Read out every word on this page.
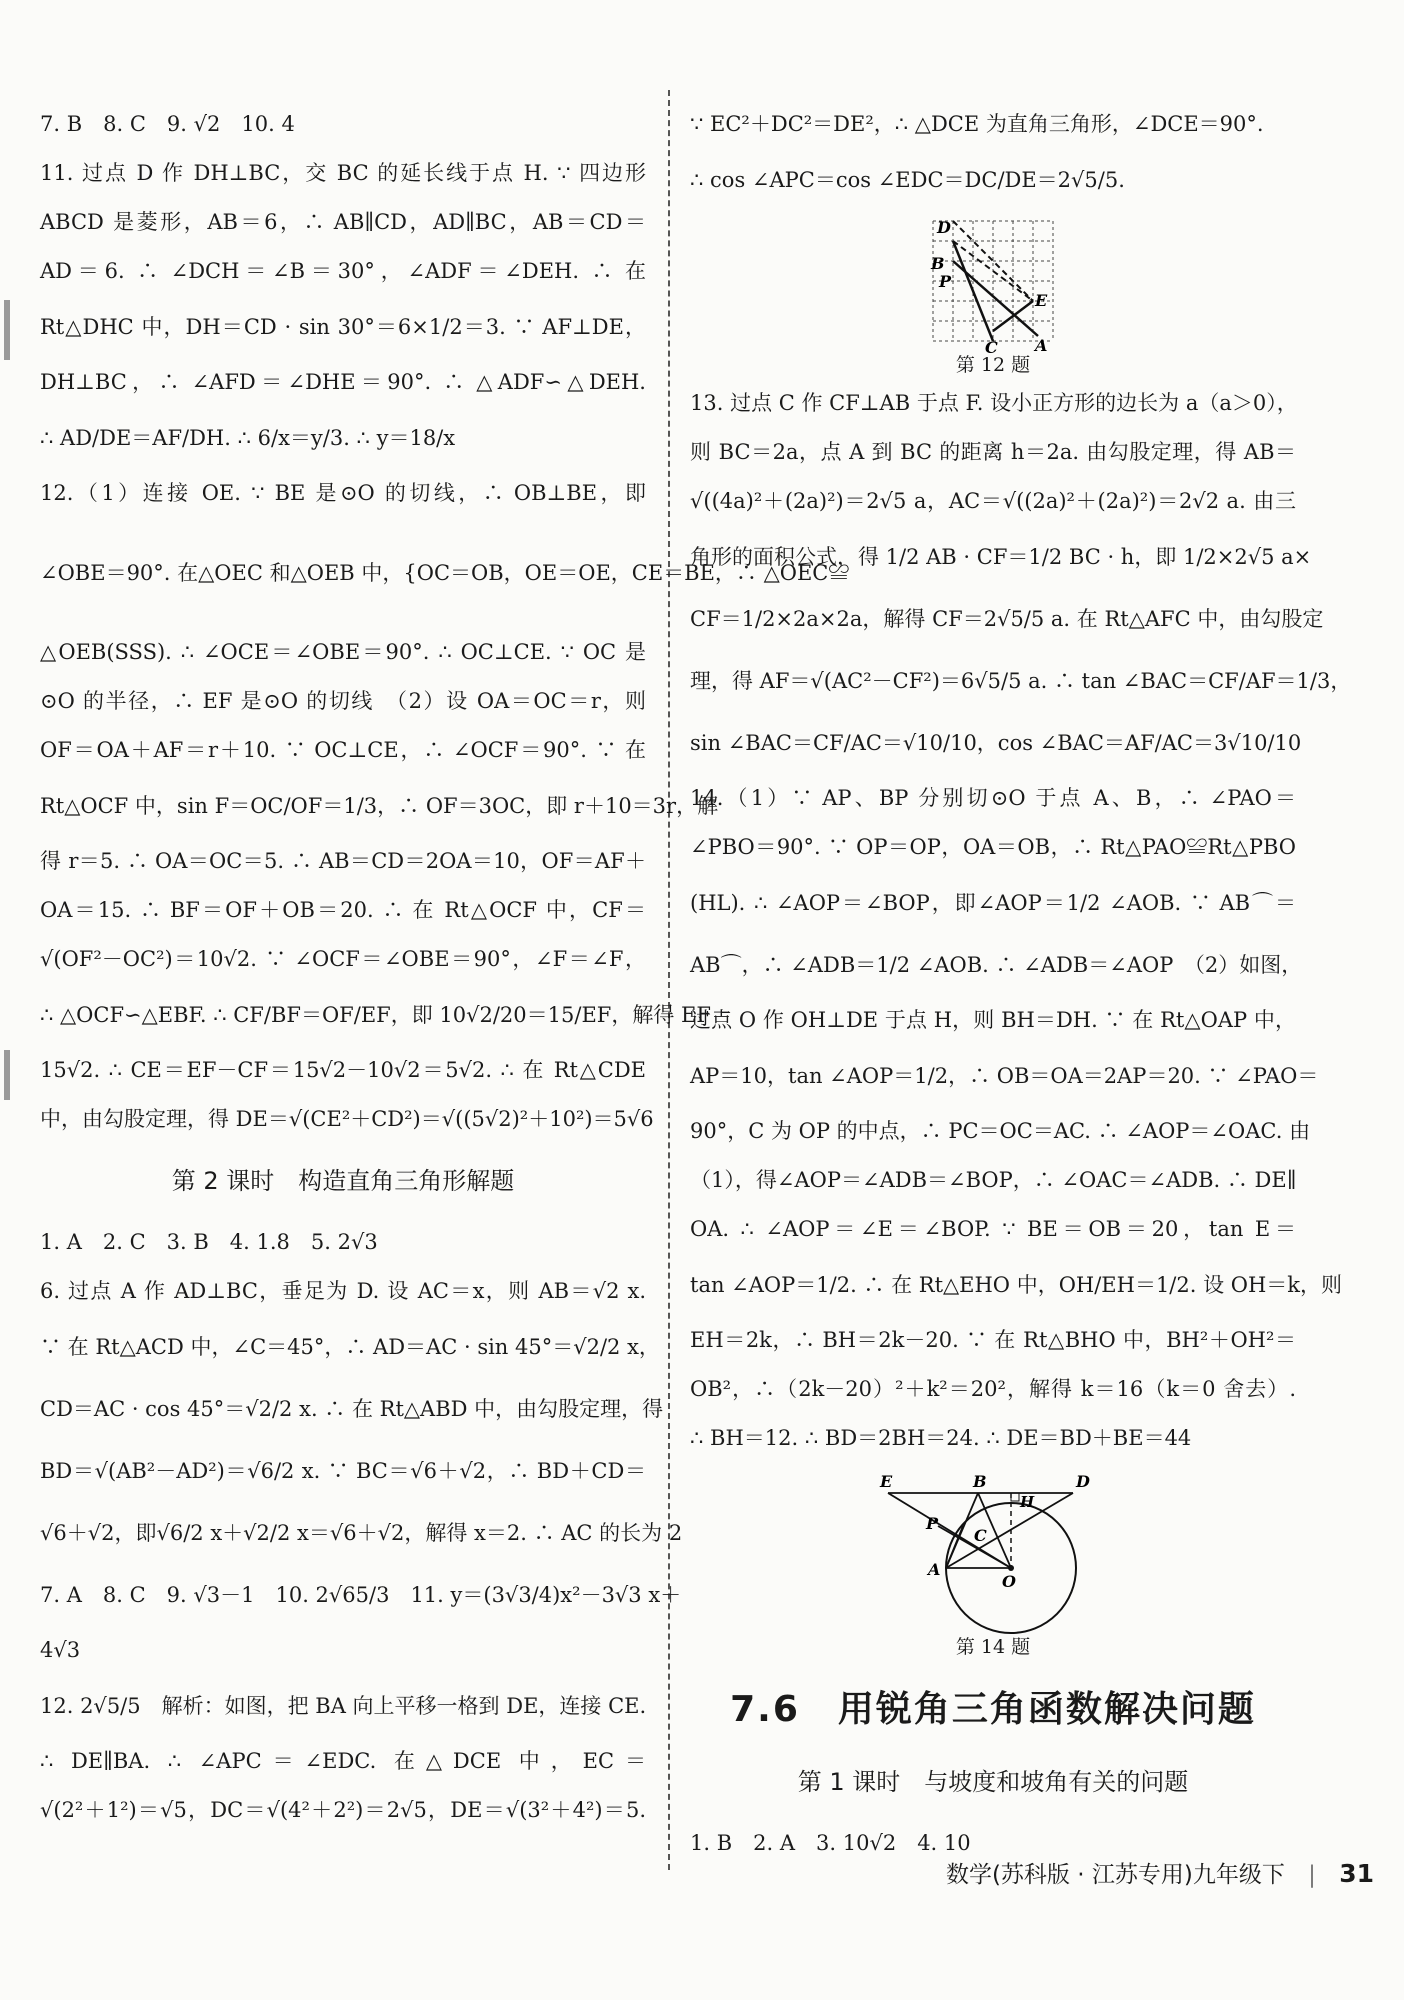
7. B　8. C　9. √2　10. 4
11. 过点 D 作 DH⊥BC，交 BC 的延长线于点 H. ∵ 四边形
ABCD 是菱形，AB＝6，∴ AB∥CD，AD∥BC，AB＝CD＝
AD＝6. ∴ ∠DCH＝∠B＝30°，∠ADF＝∠DEH. ∴ 在
Rt△DHC 中，DH＝CD · sin 30°＝6×1/2＝3. ∵ AF⊥DE，
DH⊥BC，∴ ∠AFD＝∠DHE＝90°. ∴ △ADF∽△DEH.
∴ AD/DE＝AF/DH. ∴ 6/x＝y/3. ∴ y＝18/x
12.（1）连接 OE. ∵ BE 是⊙O 的切线，∴ OB⊥BE，即
∠OBE＝90°. 在△OEC 和△OEB 中，{OC＝OB，OE＝OE，CE＝BE，∴ △OEC≌
△OEB(SSS). ∴ ∠OCE＝∠OBE＝90°. ∴ OC⊥CE. ∵ OC 是
⊙O 的半径，∴ EF 是⊙O 的切线　（2）设 OA＝OC＝r，则
OF＝OA＋AF＝r＋10. ∵ OC⊥CE，∴ ∠OCF＝90°. ∵ 在
Rt△OCF 中，sin F＝OC/OF＝1/3，∴ OF＝3OC，即 r＋10＝3r，解
得 r＝5. ∴ OA＝OC＝5. ∴ AB＝CD＝2OA＝10，OF＝AF＋
OA＝15. ∴ BF＝OF＋OB＝20. ∴ 在 Rt△OCF 中，CF＝
√(OF²－OC²)＝10√2. ∵ ∠OCF＝∠OBE＝90°，∠F＝∠F，
∴ △OCF∽△EBF. ∴ CF/BF＝OF/EF，即 10√2/20＝15/EF，解得 EF＝
15√2. ∴ CE＝EF－CF＝15√2－10√2＝5√2. ∴ 在 Rt△CDE
中，由勾股定理，得 DE＝√(CE²＋CD²)＝√((5√2)²＋10²)＝5√6
第 2 课时　构造直角三角形解题
1. A　2. C　3. B　4. 1.8　5. 2√3
6. 过点 A 作 AD⊥BC，垂足为 D. 设 AC＝x，则 AB＝√2 x.
∵ 在 Rt△ACD 中，∠C＝45°，∴ AD＝AC · sin 45°＝√2/2 x，
CD＝AC · cos 45°＝√2/2 x. ∴ 在 Rt△ABD 中，由勾股定理，得
BD＝√(AB²－AD²)＝√6/2 x. ∵ BC＝√6＋√2，∴ BD＋CD＝
√6＋√2，即√6/2 x＋√2/2 x＝√6＋√2，解得 x＝2. ∴ AC 的长为 2
7. A　8. C　9. √3－1　10. 2√65/3　11. y＝(3√3/4)x²－3√3 x＋
4√3
12. 2√5/5　解析：如图，把 BA 向上平移一格到 DE，连接 CE.
∴ DE∥BA. ∴ ∠APC＝∠EDC. 在△DCE 中，EC＝
√(2²＋1²)＝√5，DC＝√(4²＋2²)＝2√5，DE＝√(3²＋4²)＝5.
∵ EC²＋DC²＝DE²，∴ △DCE 为直角三角形，∠DCE＝90°.
∴ cos ∠APC＝cos ∠EDC＝DC/DE＝2√5/5.
D
B
P
E
C A
第 12 题
13. 过点 C 作 CF⊥AB 于点 F. 设小正方形的边长为 a（a＞0），
则 BC＝2a，点 A 到 BC 的距离 h＝2a. 由勾股定理，得 AB＝
√((4a)²＋(2a)²)＝2√5 a，AC＝√((2a)²＋(2a)²)＝2√2 a. 由三
角形的面积公式，得 1/2 AB · CF＝1/2 BC · h，即 1/2×2√5 a×
CF＝1/2×2a×2a，解得 CF＝2√5/5 a. 在 Rt△AFC 中，由勾股定
理，得 AF＝√(AC²－CF²)＝6√5/5 a. ∴ tan ∠BAC＝CF/AF＝1/3，
sin ∠BAC＝CF/AC＝√10/10，cos ∠BAC＝AF/AC＝3√10/10
14.（1）∵ AP、BP 分别切⊙O 于点 A、B，∴ ∠PAO＝
∠PBO＝90°. ∵ OP＝OP，OA＝OB，∴ Rt△PAO≌Rt△PBO
(HL). ∴ ∠AOP＝∠BOP，即∠AOP＝1/2 ∠AOB. ∵ AB⌒＝
AB⌒，∴ ∠ADB＝1/2 ∠AOB. ∴ ∠ADB＝∠AOP　（2）如图，
过点 O 作 OH⊥DE 于点 H，则 BH＝DH. ∵ 在 Rt△OAP 中，
AP＝10，tan ∠AOP＝1/2，∴ OB＝OA＝2AP＝20. ∵ ∠PAO＝
90°，C 为 OP 的中点，∴ PC＝OC＝AC. ∴ ∠AOP＝∠OAC. 由
（1），得∠AOP＝∠ADB＝∠BOP，∴ ∠OAC＝∠ADB. ∴ DE∥
OA. ∴ ∠AOP＝∠E＝∠BOP. ∵ BE＝OB＝20，tan E＝
tan ∠AOP＝1/2. ∴ 在 Rt△EHO 中，OH/EH＝1/2. 设 OH＝k，则
EH＝2k，∴ BH＝2k－20. ∵ 在 Rt△BHO 中，BH²＋OH²＝
OB²，∴（2k－20）²＋k²＝20²，解得 k＝16（k＝0 舍去）.
∴ BH＝12. ∴ BD＝2BH＝24. ∴ DE＝BD＋BE＝44
E	B	D
H
P
C
A
O
第 14 题
7.6　用锐角三角函数解决问题
第 1 课时　与坡度和坡角有关的问题
1. B　2. A　3. 10√2　4. 10
数学(苏科版 · 江苏专用)九年级下 | 31
